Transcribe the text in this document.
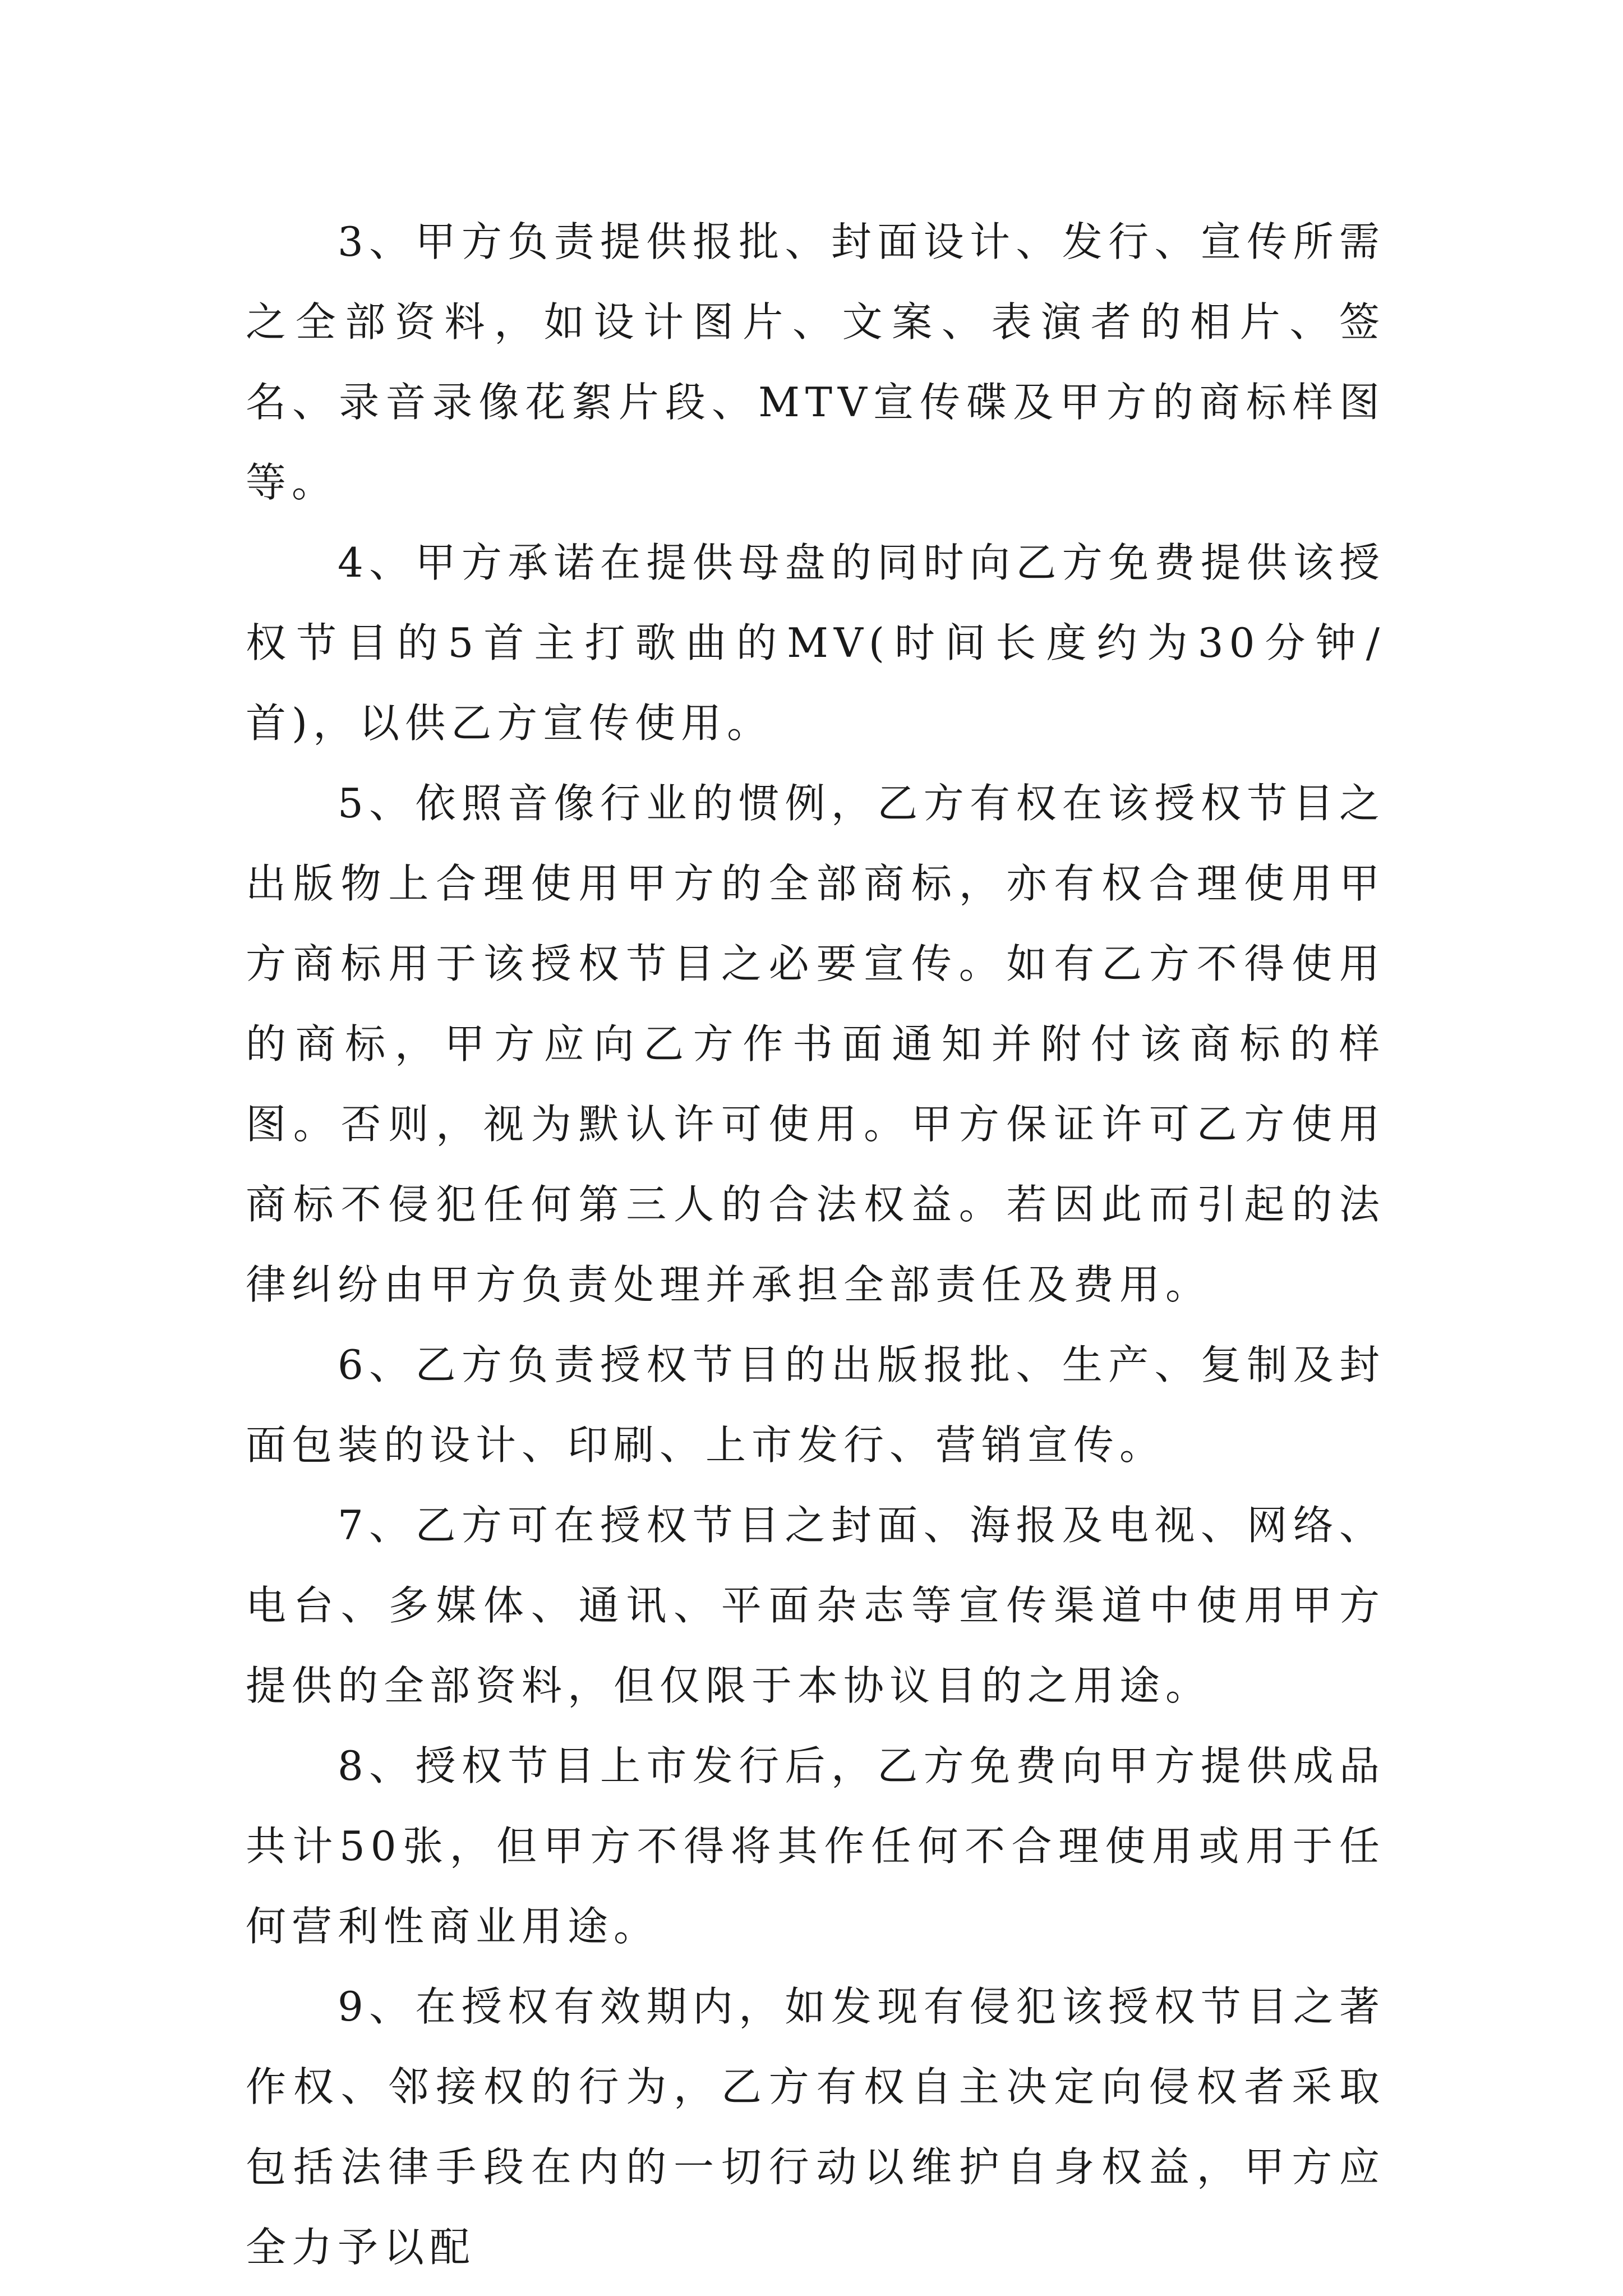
3、甲方负责提供报批、封面设计、发行、宣传所需之全部资料，如设计图片、文案、表演者的相片、签名、录音录像花絮片段、MTV宣传碟及甲方的商标样图等。

4、甲方承诺在提供母盘的同时向乙方免费提供该授权节目的5首主打歌曲的MV(时间长度约为30分钟/首)，以供乙方宣传使用。

5、依照音像行业的惯例，乙方有权在该授权节目之出版物上合理使用甲方的全部商标，亦有权合理使用甲方商标用于该授权节目之必要宣传。如有乙方不得使用的商标，甲方应向乙方作书面通知并附付该商标的样图。否则，视为默认许可使用。甲方保证许可乙方使用商标不侵犯任何第三人的合法权益。若因此而引起的法律纠纷由甲方负责处理并承担全部责任及费用。

6、乙方负责授权节目的出版报批、生产、复制及封面包装的设计、印刷、上市发行、营销宣传。

7、乙方可在授权节目之封面、海报及电视、网络、电台、多媒体、通讯、平面杂志等宣传渠道中使用甲方提供的全部资料，但仅限于本协议目的之用途。

8、授权节目上市发行后，乙方免费向甲方提供成品共计50张，但甲方不得将其作任何不合理使用或用于任何营利性商业用途。

9、在授权有效期内，如发现有侵犯该授权节目之著作权、邻接权的行为，乙方有权自主决定向侵权者采取包括法律手段在内的一切行动以维护自身权益，甲方应全力予以配
